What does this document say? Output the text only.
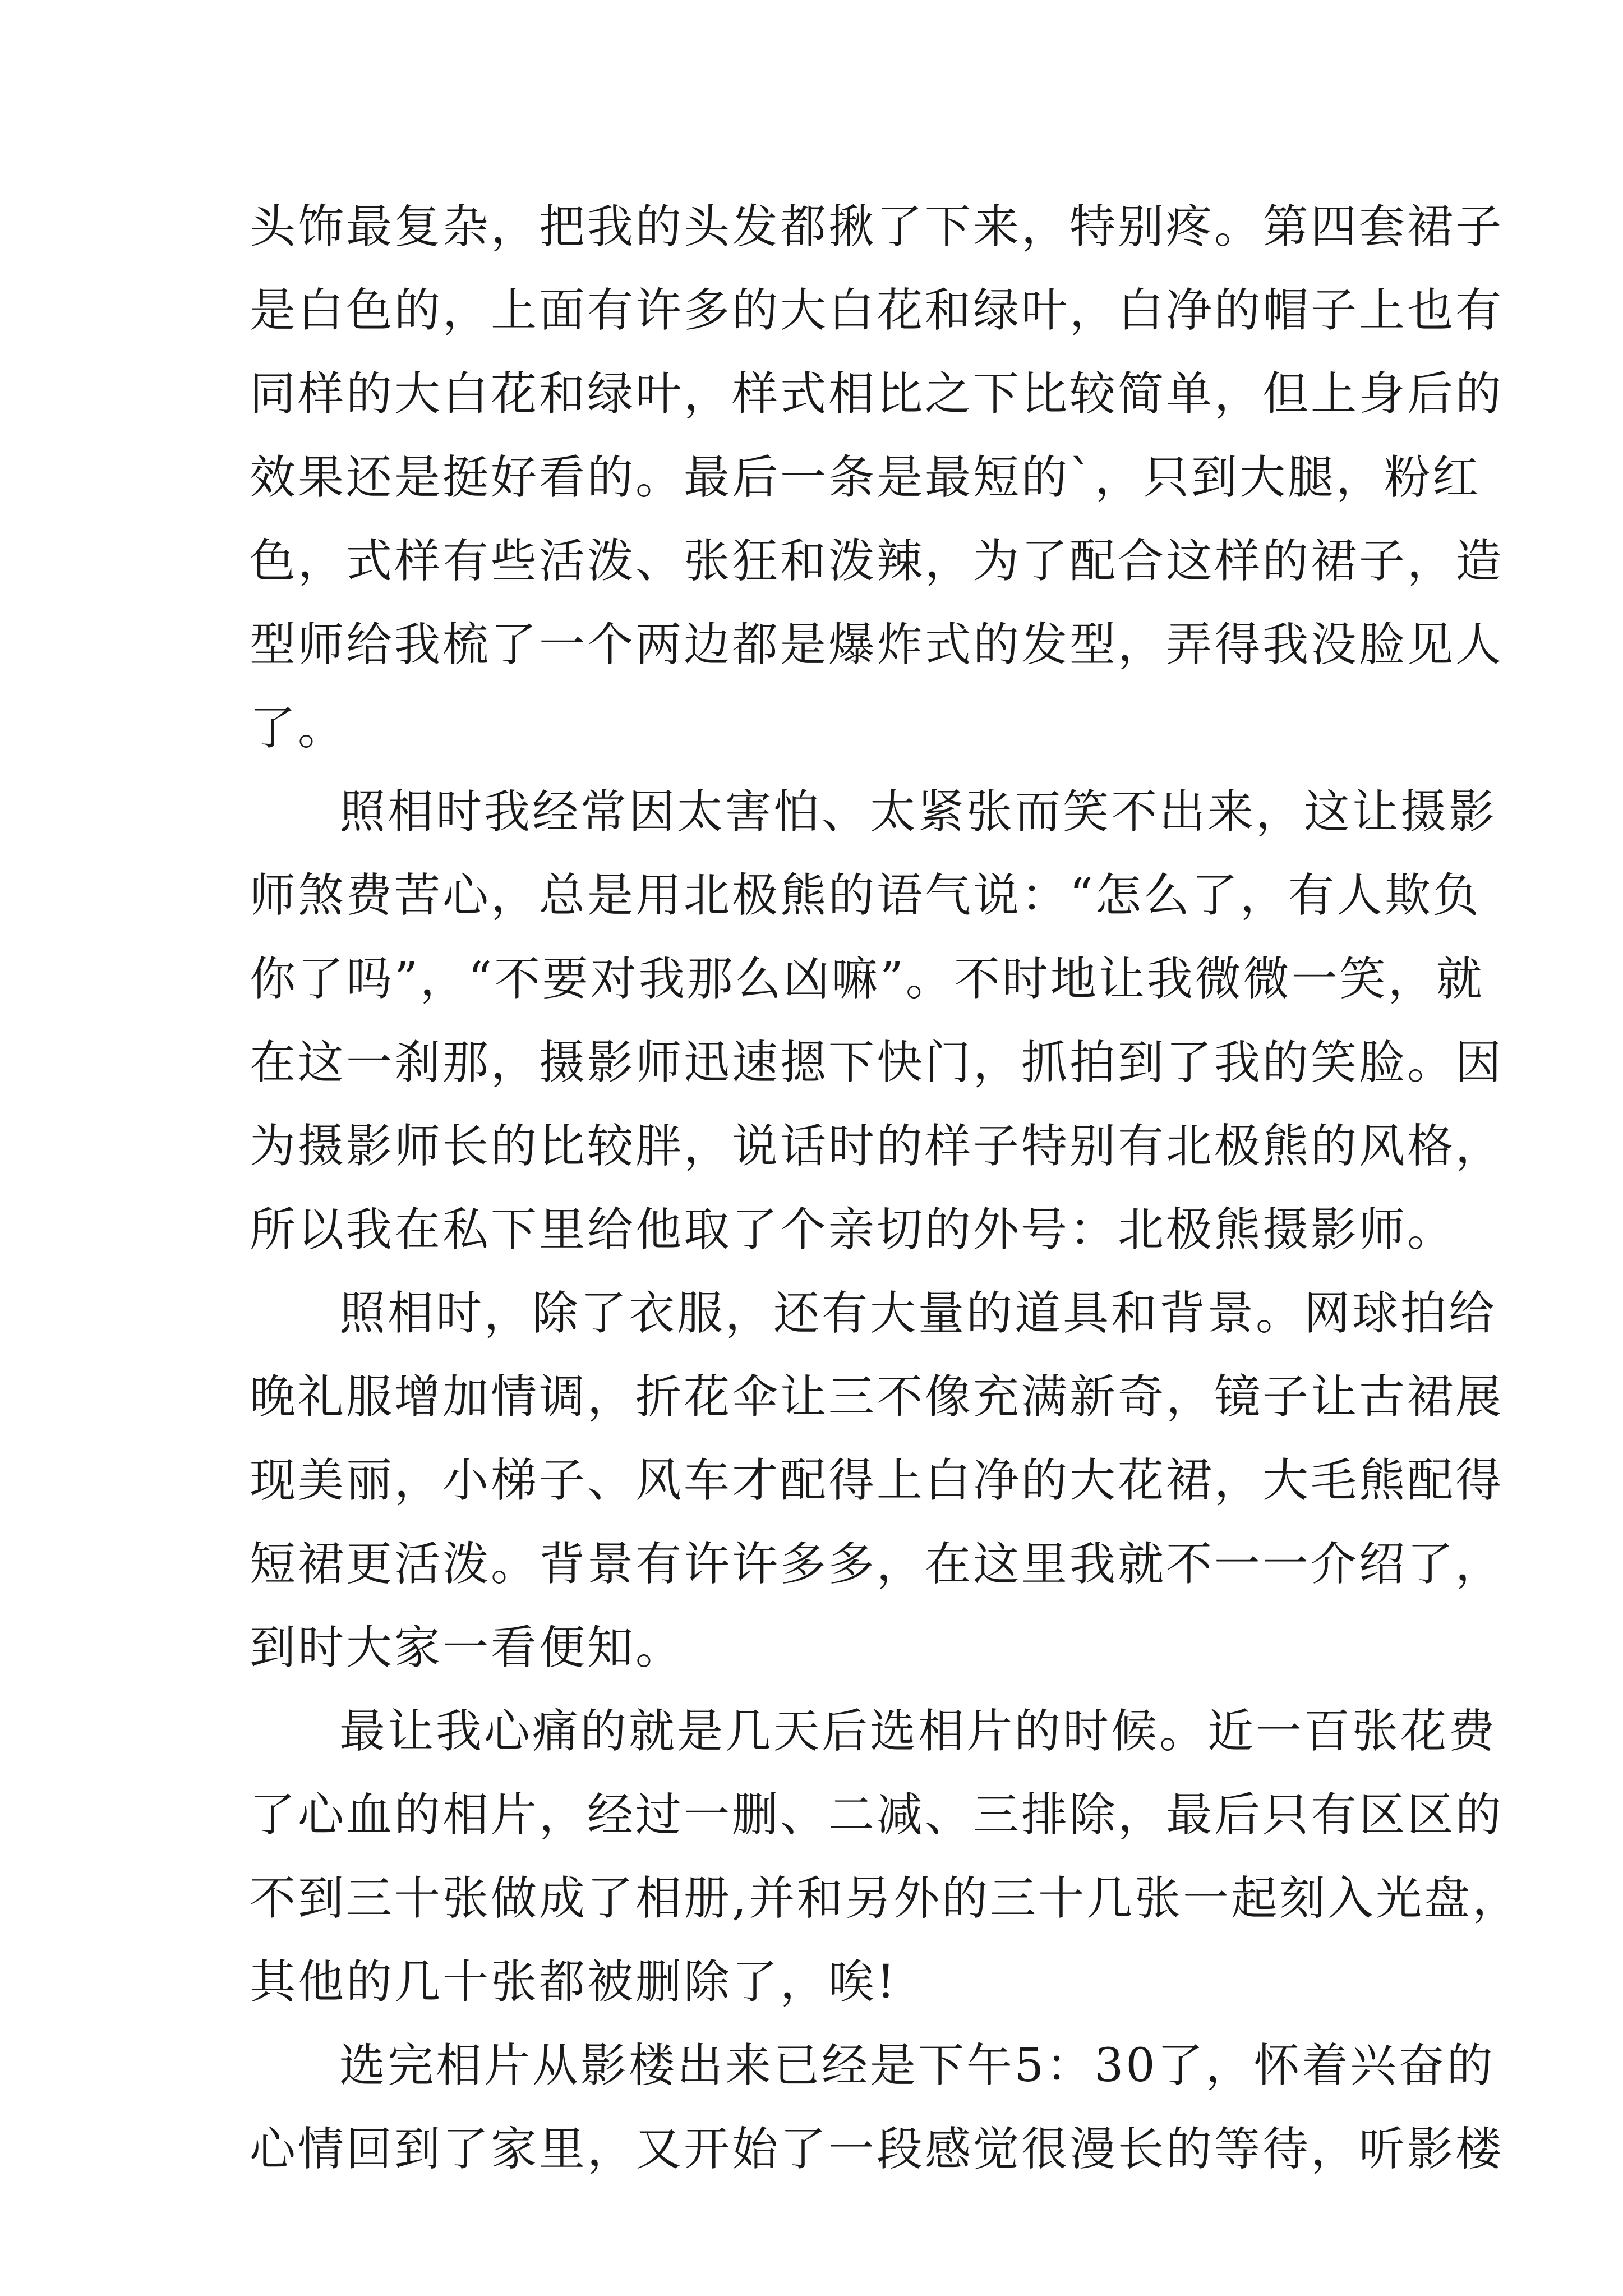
头饰最复杂，把我的头发都揪了下来，特别疼。第四套裙子
是白色的，上面有许多的大白花和绿叶，白净的帽子上也有
同样的大白花和绿叶，样式相比之下比较简单，但上身后的
效果还是挺好看的。最后一条是最短的`，只到大腿，粉红
色，式样有些活泼、张狂和泼辣，为了配合这样的裙子，造
型师给我梳了一个两边都是爆炸式的发型，弄得我没脸见人
了。
照相时我经常因太害怕、太紧张而笑不出来，这让摄影
师煞费苦心，总是用北极熊的语气说：“怎么了，有人欺负
你了吗”，“不要对我那么凶嘛”。不时地让我微微一笑，就
在这一刹那，摄影师迅速摁下快门，抓拍到了我的笑脸。因
为摄影师长的比较胖，说话时的样子特别有北极熊的风格，
所以我在私下里给他取了个亲切的外号：北极熊摄影师。
照相时，除了衣服，还有大量的道具和背景。网球拍给
晚礼服增加情调，折花伞让三不像充满新奇，镜子让古裙展
现美丽，小梯子、风车才配得上白净的大花裙，大毛熊配得
短裙更活泼。背景有许许多多，在这里我就不一一介绍了，
到时大家一看便知。
最让我心痛的就是几天后选相片的时候。近一百张花费
了心血的相片，经过一删、二减、三排除，最后只有区区的
不到三十张做成了相册,并和另外的三十几张一起刻入光盘，
其他的几十张都被删除了，唉!
选完相片从影楼出来已经是下午5：30了，怀着兴奋的
心情回到了家里，又开始了一段感觉很漫长的等待，听影楼
